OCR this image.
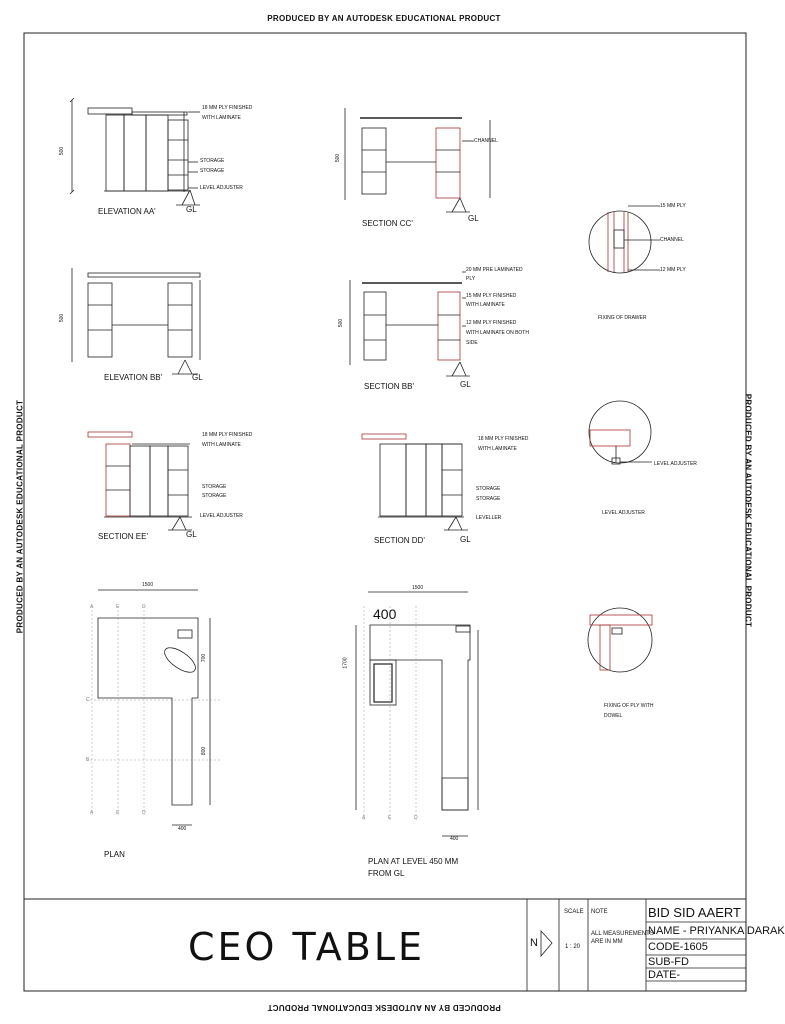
PRODUCED BY AN AUTODESK EDUCATIONAL PRODUCT
PRODUCED BY AN AUTODESK EDUCATIONAL PRODUCT
PRODUCED BY AN AUTODESK EDUCATIONAL PRODUCT	PRODUCED BY AN AUTODESK EDUCATIONAL PRODUCT
ELEVATION AA'	GL
500
18 MM PLY FINISHED
WITH LAMINATE
STORAGE
STORAGE
LEVEL ADJUSTER
SECTION CC'
GL
500
CHANNEL
ELEVATION BB'	GL
500
SECTION BB'	GL
500
20 MM PRE LAMINATED
PLY
15 MM PLY FINISHED
WITH LAMINATE
12 MM PLY FINISHED
WITH LAMINATE ON BOTH
SIDE
SECTION EE'	GL
18 MM PLY FINISHED
WITH LAMINATE
STORAGE
STORAGE
LEVEL ADJUSTER
SECTION DD'	GL
18 MM PLY FINISHED
WITH LAMINATE
STORAGE
STORAGE
LEVELLER
PLAN
1500
700
800
400
A	E	D
C
B
A	E	D
PLAN AT LEVEL 450 MM
FROM GL
1500
1700
400
400
A	E	D
15 MM PLY
CHANNEL
12 MM PLY
FIXING OF DRAWER
LEVEL ADJUSTER
LEVEL ADJUSTER
FIXING OF PLY WITH
DOWEL
CEO TABLE	N
SCALE
1 : 20
NOTE
ALL MEASUREMENTS
ARE IN MM
BID SID AAERT
NAME - PRIYANKA DARAK
CODE-1605
SUB-FD
DATE-
